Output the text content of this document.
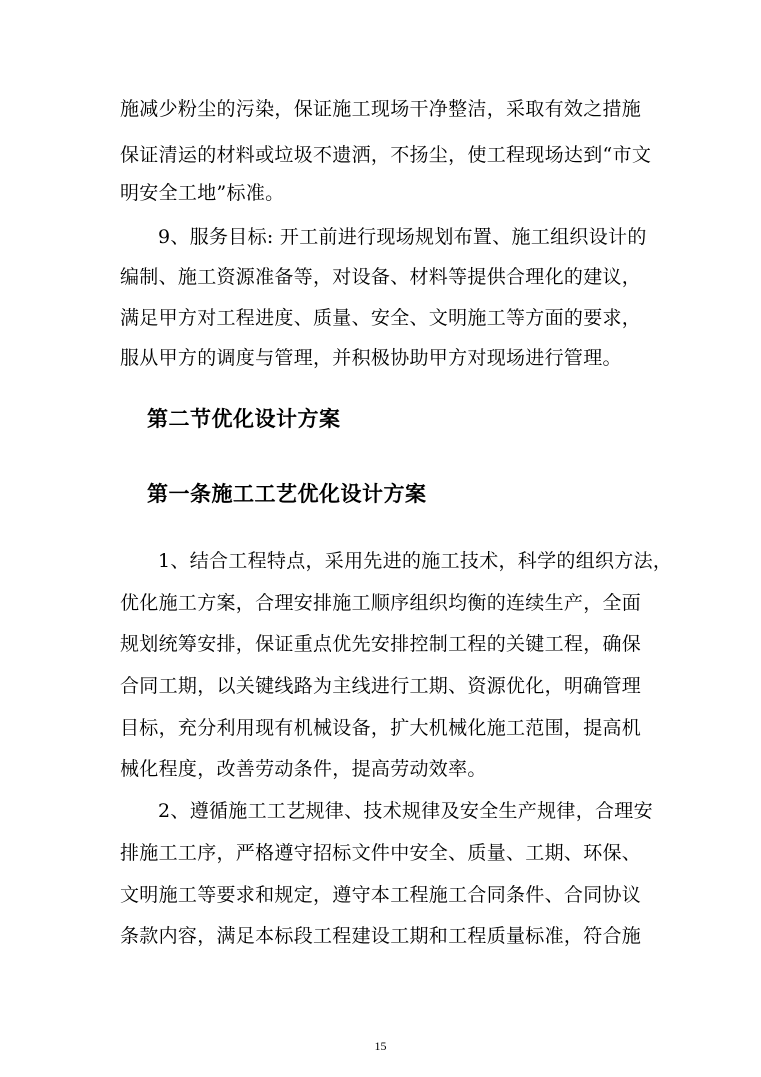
施减少粉尘的污染，保证施工现场干净整洁，采取有效之措施
保证清运的材料或垃圾不遗洒，不扬尘，使工程现场达到“市文
明安全工地”标准。
9、服务目标: 开工前进行现场规划布置、施工组织设计的
编制、施工资源准备等，对设备、材料等提供合理化的建议，
满足甲方对工程进度、质量、安全、文明施工等方面的要求，
服从甲方的调度与管理，并积极协助甲方对现场进行管理。
第二节优化设计方案
第一条施工工艺优化设计方案
1、结合工程特点，采用先进的施工技术，科学的组织方法，
优化施工方案，合理安排施工顺序组织均衡的连续生产，全面
规划统筹安排，保证重点优先安排控制工程的关键工程，确保
合同工期，以关键线路为主线进行工期、资源优化，明确管理
目标，充分利用现有机械设备，扩大机械化施工范围，提高机
械化程度，改善劳动条件，提高劳动效率。
2、遵循施工工艺规律、技术规律及安全生产规律，合理安
排施工工序，严格遵守招标文件中安全、质量、工期、环保、
文明施工等要求和规定，遵守本工程施工合同条件、合同协议
条款内容，满足本标段工程建设工期和工程质量标准，符合施
15
